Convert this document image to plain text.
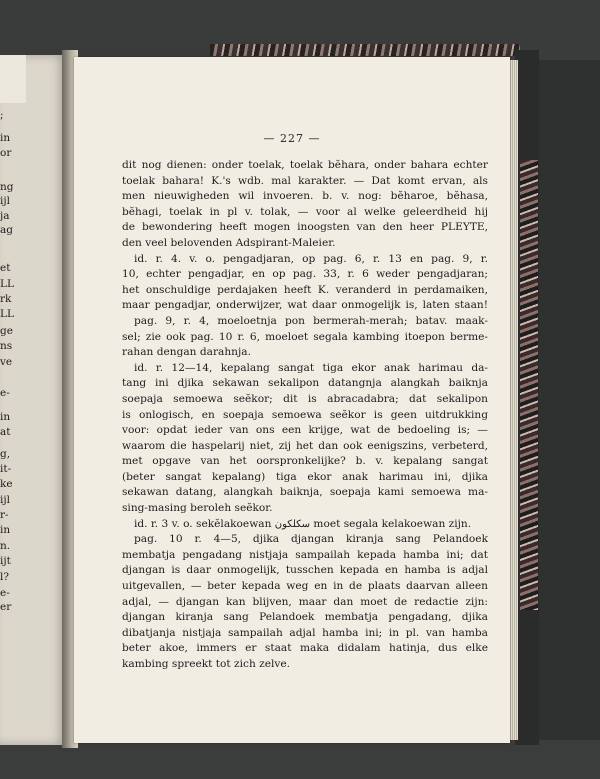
;
in
or
ng
ijl
ja
ag
et
LL
rk
LL
ge
ns
ve
e-
in
at
g,
it-
ke
ijl
r-
in
n.
ijt
l?
e-
er
— 227 —
dit nog dienen: onder toelak, toelak bĕhara, onder bahara echter
toelak bahara! K.'s wdb. mal karakter. — Dat komt ervan, als
men nieuwigheden wil invoeren. b. v. nog: bĕharoe, bĕhasa,
bĕhagi, toelak in pl v. tolak, — voor al welke geleerdheid hij
de bewondering heeft mogen inoogsten van den heer PLEYTE,
den veel belovenden Adspirant-Maleier.
id. r. 4. v. o. pengadjaran, op pag. 6, r. 13 en pag. 9, r.
10, echter pengadjar, en op pag. 33, r. 6 weder pengadjaran;
het onschuldige perdajaken heeft K. veranderd in perdamaiken,
maar pengadjar, onderwijzer, wat daar onmogelijk is, laten staan!
pag. 9, r. 4, moeloetnja pon bermerah-merah; batav. maak-
sel; zie ook pag. 10 r. 6, moeloet segala kambing itoepon berme-
rahan dengan darahnja.
id. r. 12—14, kepalang sangat tiga ekor anak harimau da-
tang ini djika sekawan sekalipon datangnja alangkah baiknja
soepaja semoewa seĕkor; dit is abracadabra; dat sekalipon
is onlogisch, en soepaja semoewa seĕkor is geen uitdrukking
voor: opdat ieder van ons een krijge, wat de bedoeling is; —
waarom die haspelarij niet, zij het dan ook eenigszins, verbeterd,
met opgave van het oorspronkelijke? b. v. kepalang sangat
(beter sangat kepalang) tiga ekor anak harimau ini, djika
sekawan datang, alangkah baiknja, soepaja kami semoewa ma-
sing-masing beroleh seĕkor.
id. r. 3 v. o. sekĕlakoewan ﺳﻜﻠﻜﻮﻥ moet segala kelakoewan zijn.
pag. 10 r. 4—5, djika djangan kiranja sang Pelandoek
membatja pengadang nistjaja sampailah kepada hamba ini; dat
djangan is daar onmogelijk, tusschen kepada en hamba is adjal
uitgevallen, — beter kepada weg en in de plaats daarvan alleen
adjal, — djangan kan blijven, maar dan moet de redactie zijn:
djangan kiranja sang Pelandoek membatja pengadang, djika
dibatjanja nistjaja sampailah adjal hamba ini; in pl. van hamba
beter akoe, immers er staat maka didalam hatinja, dus elke
kambing spreekt tot zich zelve.
